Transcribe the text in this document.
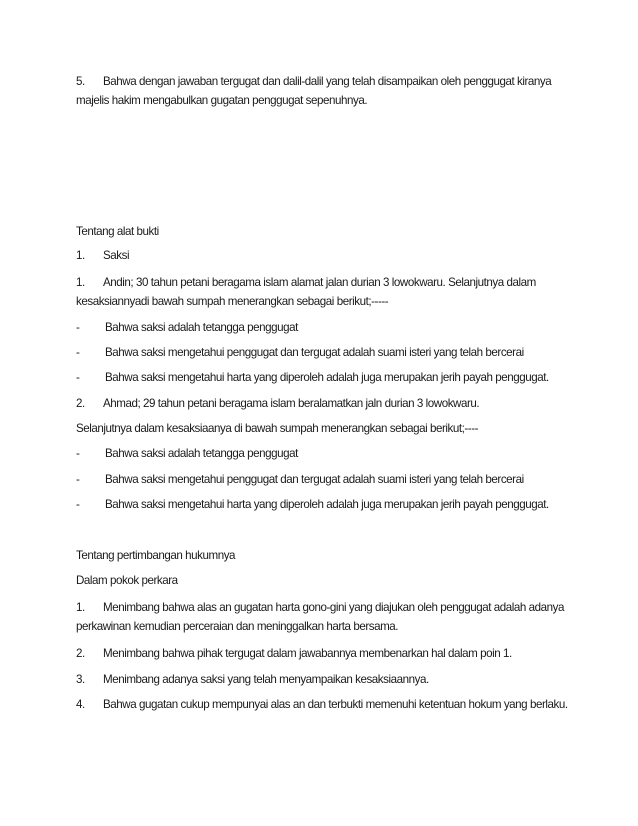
5. Bahwa dengan jawaban tergugat dan dalil-dalil yang telah disampaikan oleh penggugat kiranya majelis hakim mengabulkan gugatan penggugat sepenuhnya.
Tentang alat bukti
1. Saksi
1. Andin; 30 tahun petani beragama islam alamat jalan durian 3 lowokwaru. Selanjutnya dalam kesaksiannyadi bawah sumpah menerangkan sebagai berikut;-----
- Bahwa saksi adalah tetangga penggugat
- Bahwa saksi mengetahui penggugat dan tergugat adalah suami isteri yang telah bercerai
- Bahwa saksi mengetahui harta yang diperoleh adalah juga merupakan jerih payah penggugat.
2. Ahmad; 29 tahun petani beragama islam beralamatkan jaln durian 3 lowokwaru.
Selanjutnya dalam kesaksiaanya di bawah sumpah menerangkan sebagai berikut;----
- Bahwa saksi adalah tetangga penggugat
- Bahwa saksi mengetahui penggugat dan tergugat adalah suami isteri yang telah bercerai
- Bahwa saksi mengetahui harta yang diperoleh adalah juga merupakan jerih payah penggugat.
Tentang pertimbangan hukumnya
Dalam pokok perkara
1. Menimbang bahwa alas an gugatan harta gono-gini yang diajukan oleh penggugat adalah adanya perkawinan kemudian perceraian dan meninggalkan harta bersama.
2. Menimbang bahwa pihak tergugat dalam jawabannya membenarkan hal dalam poin 1.
3. Menimbang adanya saksi yang telah menyampaikan kesaksiaannya.
4. Bahwa gugatan cukup mempunyai alas an dan terbukti memenuhi ketentuan hokum yang berlaku.
